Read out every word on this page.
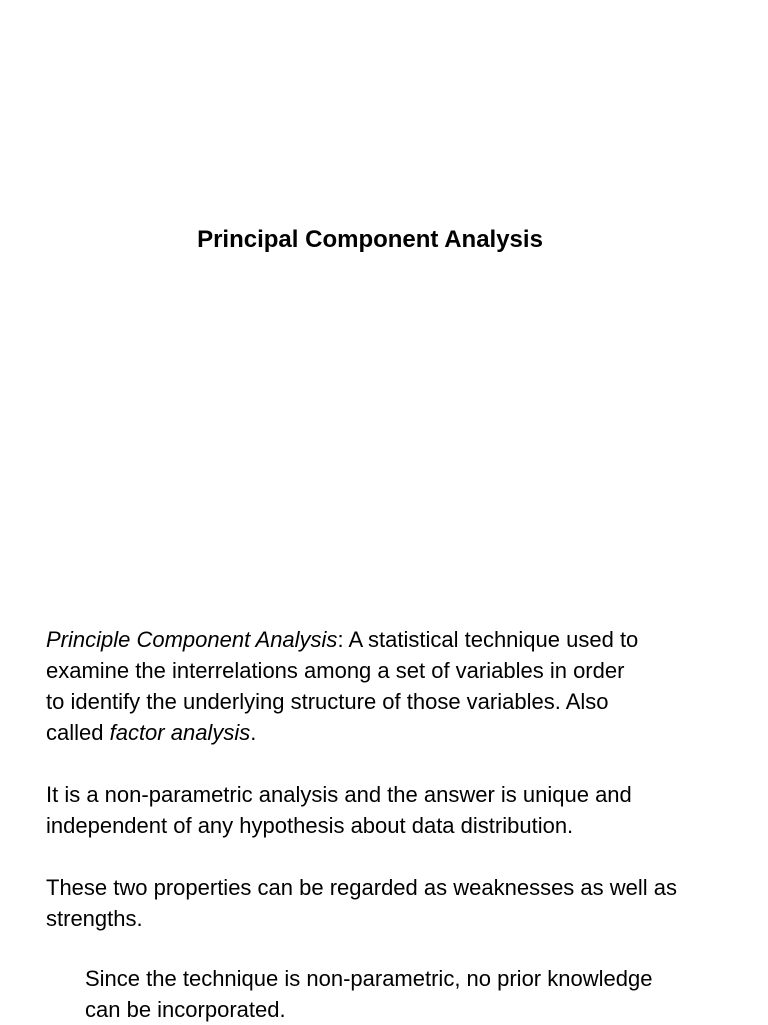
Principal Component Analysis

Principle Component Analysis: A statistical technique used to
examine the interrelations among a set of variables in order
to identify the underlying structure of those variables. Also
called factor analysis.

It is a non-parametric analysis and the answer is unique and
independent of any hypothesis about data distribution.

These two properties can be regarded as weaknesses as well as
strengths.

Since the technique is non-parametric, no prior knowledge
can be incorporated.
